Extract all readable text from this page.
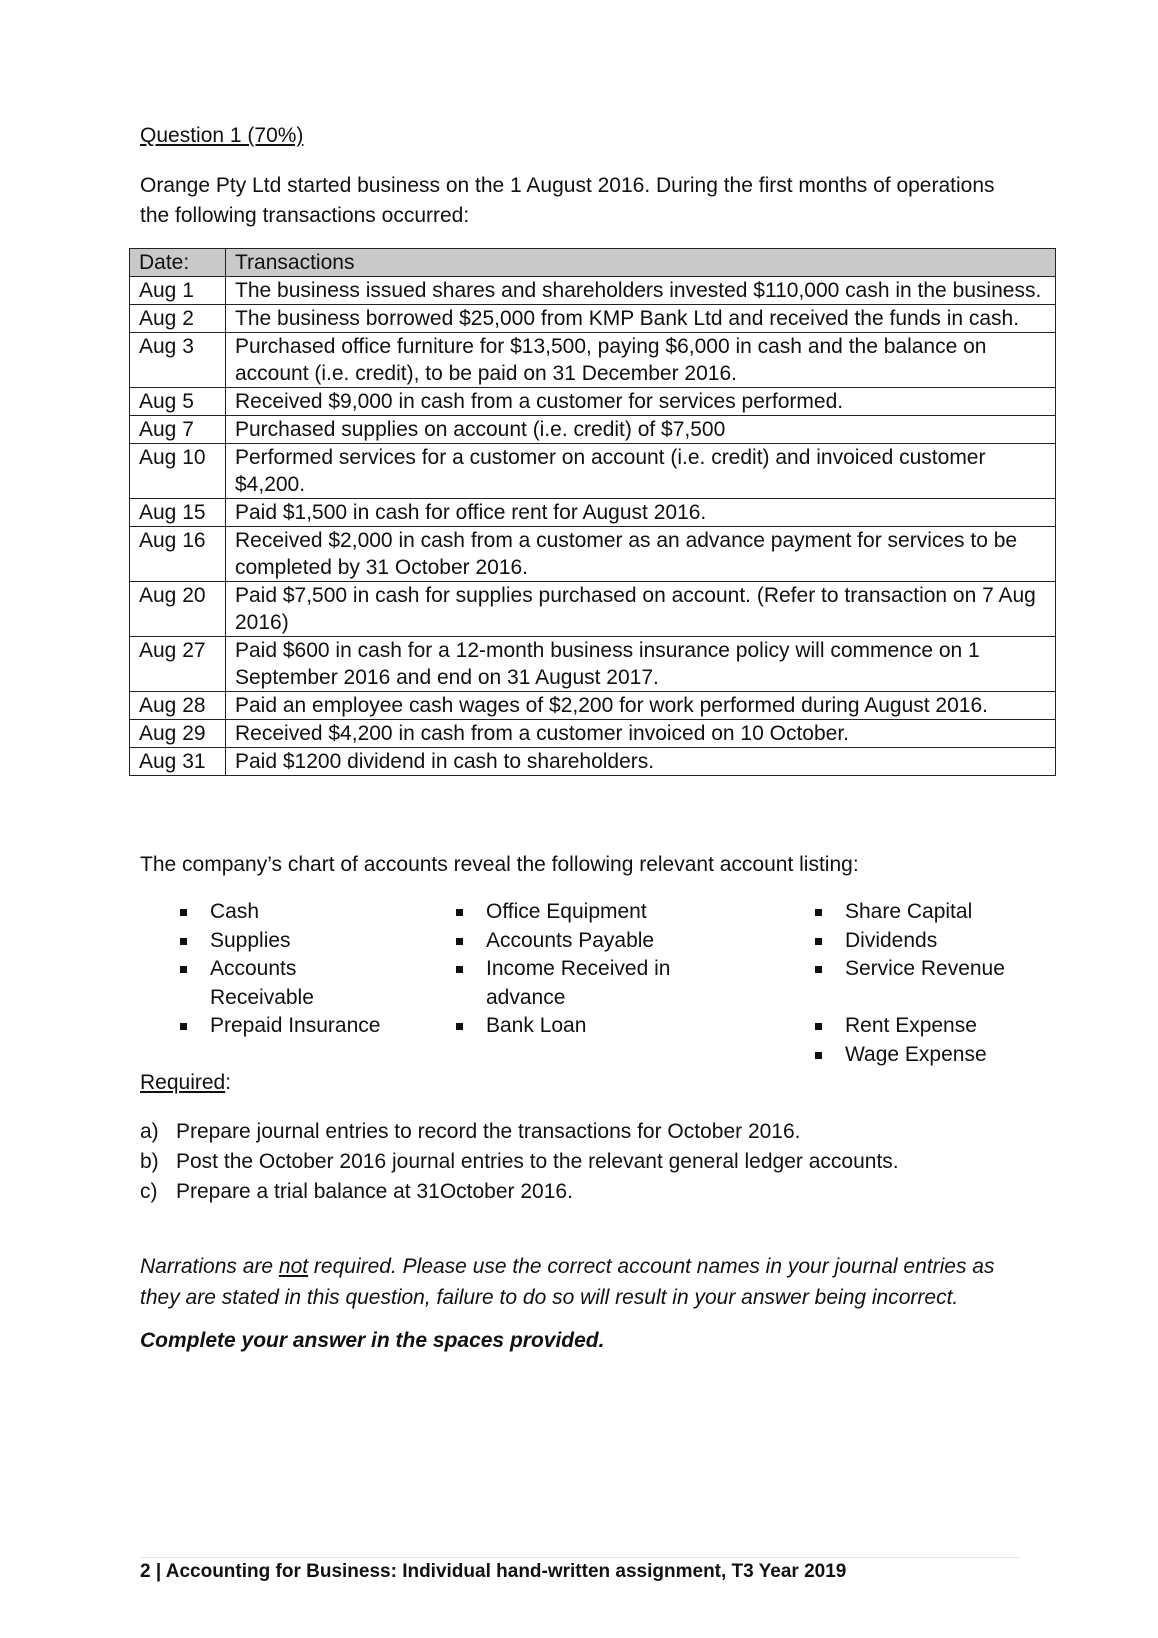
Question 1 (70%)

Orange Pty Ltd started business on the 1 August 2016. During the first months of operations the following transactions occurred:

Date:	Transactions
Aug 1	The business issued shares and shareholders invested $110,000 cash in the business.
Aug 2	The business borrowed $25,000 from KMP Bank Ltd and received the funds in cash.
Aug 3	Purchased office furniture for $13,500, paying $6,000 in cash and the balance on account (i.e. credit), to be paid on 31 December 2016.
Aug 5	Received $9,000 in cash from a customer for services performed.
Aug 7	Purchased supplies on account (i.e. credit) of $7,500
Aug 10	Performed services for a customer on account (i.e. credit) and invoiced customer $4,200.
Aug 15	Paid $1,500 in cash for office rent for August 2016.
Aug 16	Received $2,000 in cash from a customer as an advance payment for services to be completed by 31 October 2016.
Aug 20	Paid $7,500 in cash for supplies purchased on account. (Refer to transaction on 7 Aug 2016)
Aug 27	Paid $600 in cash for a 12-month business insurance policy will commence on 1 September 2016 and end on 31 August 2017.
Aug 28	Paid an employee cash wages of $2,200 for work performed during August 2016.
Aug 29	Received $4,200 in cash from a customer invoiced on 10 October.
Aug 31	Paid $1200 dividend in cash to shareholders.
The company’s chart of accounts reveal the following relevant account listing:
Cash
Supplies
Accounts Receivable
Prepaid Insurance
Office Equipment
Accounts Payable
Income Received in advance
Bank Loan
Share Capital
Dividends
Service Revenue
Rent Expense
Wage Expense
Required:
a) Prepare journal entries to record the transactions for October 2016.
b) Post the October 2016 journal entries to the relevant general ledger accounts.
c) Prepare a trial balance at 31October 2016.

Narrations are not required. Please use the correct account names in your journal entries as they are stated in this question, failure to do so will result in your answer being incorrect.

Complete your answer in the spaces provided.
2 | Accounting for Business: Individual hand-written assignment, T3 Year 2019
